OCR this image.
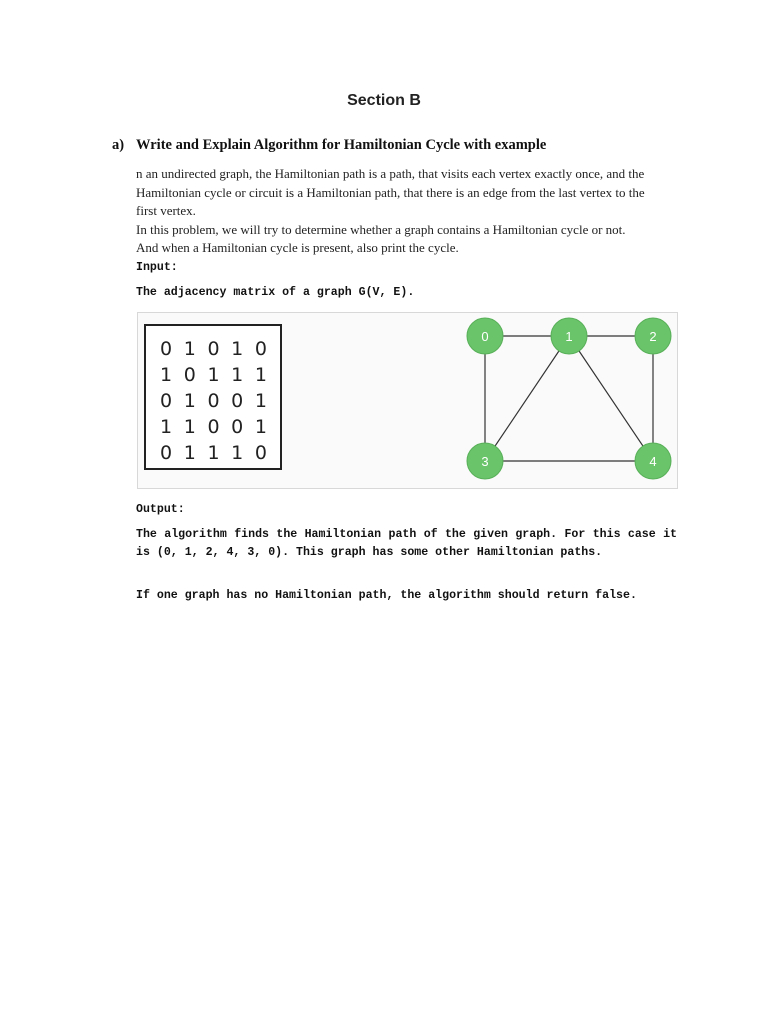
Section B
a) Write and Explain Algorithm for Hamiltonian Cycle with example
n an undirected graph, the Hamiltonian path is a path, that visits each vertex exactly once, and the
Hamiltonian cycle or circuit is a Hamiltonian path, that there is an edge from the last vertex to the
first vertex.
In this problem, we will try to determine whether a graph contains a Hamiltonian cycle or not.
And when a Hamiltonian cycle is present, also print the cycle.
Input:
The adjacency matrix of a graph G(V, E).
0 1 0 1 0
1 0 1 1 1
0 1 0 0 1
1 1 0 0 1
0 1 1 1 0
0	1	2
3	4
Output:
The algorithm finds the Hamiltonian path of the given graph. For this case it is (0, 1, 2, 4, 3, 0). This graph has some other Hamiltonian paths.
If one graph has no Hamiltonian path, the algorithm should return false.
